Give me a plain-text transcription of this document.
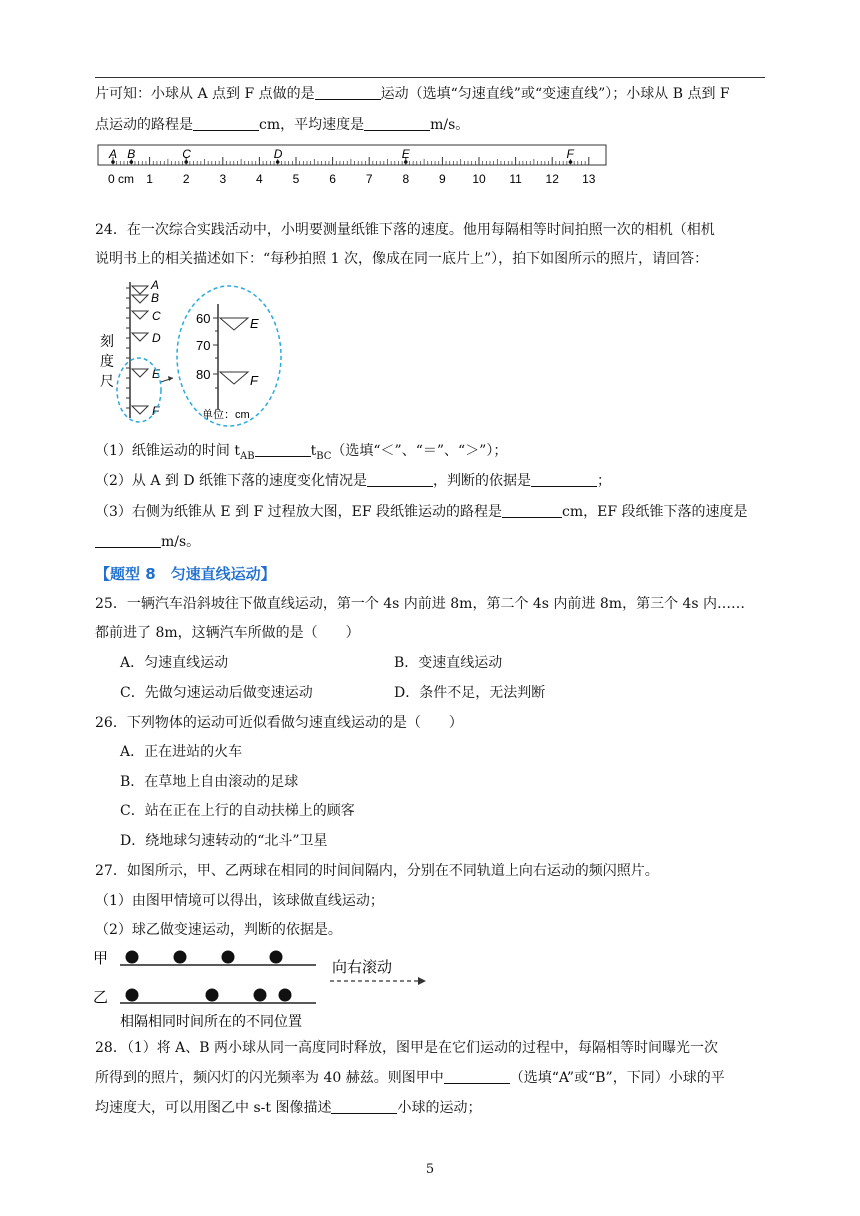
片可知：小球从 A 点到 F 点做的是	运动（选填“匀速直线”或“变速直线”）；小球从 B 点到 F
点运动的路程是	cm，平均速度是	m/s。
A B	C	D	E	F
0 cm 1 2 3 4 5 6 7 8 9 10 11 12 13
24．在一次综合实践活动中，小明要测量纸锥下落的速度。他用每隔相等时间拍照一次的相机（相机
说明书上的相关描述如下：“每秒拍照 1 次，像成在同一底片上”），拍下如图所示的照片，请回答：
刻
度
尺
A
B
C
D
E
F
60
70
80
E
F
单位：cm
（1）纸锥运动的时间 $t_{AB}$	$t_{BC}$（选填“＜”、“＝”、“＞”）；
（2）从 A 到 D 纸锥下落的速度变化情况是	，判断的依据是	；
（3）右侧为纸锥从 E 到 F 过程放大图，EF 段纸锥运动的路程是	cm，EF 段纸锥下落的速度是
m/s。
【题型 8　匀速直线运动】
25．一辆汽车沿斜坡往下做直线运动，第一个 4s 内前进 8m，第二个 4s 内前进 8m，第三个 4s 内……
都前进了 8m，这辆汽车所做的是（　　）
A．匀速直线运动	B．变速直线运动
C．先做匀速运动后做变速运动	D．条件不足，无法判断
26．下列物体的运动可近似看做匀速直线运动的是（　　）
A．正在进站的火车
B．在草地上自由滚动的足球
C．站在正在上行的自动扶梯上的顾客
D．绕地球匀速转动的“北斗”卫星
27．如图所示，甲、乙两球在相同的时间间隔内，分别在不同轨道上向右运动的频闪照片。
（1）由图甲情境可以得出，该球做直线运动；
（2）球乙做变速运动，判断的依据是。
甲
乙
向右滚动
相隔相同时间所在的不同位置
28．（1）将 A、B 两小球从同一高度同时释放，图甲是在它们运动的过程中，每隔相等时间曝光一次
所得到的照片，频闪灯的闪光频率为 40 赫兹。则图甲中	（选填“A”或“B”，下同）小球的平
均速度大，可以用图乙中 s-t 图像描述	小球的运动；
5
